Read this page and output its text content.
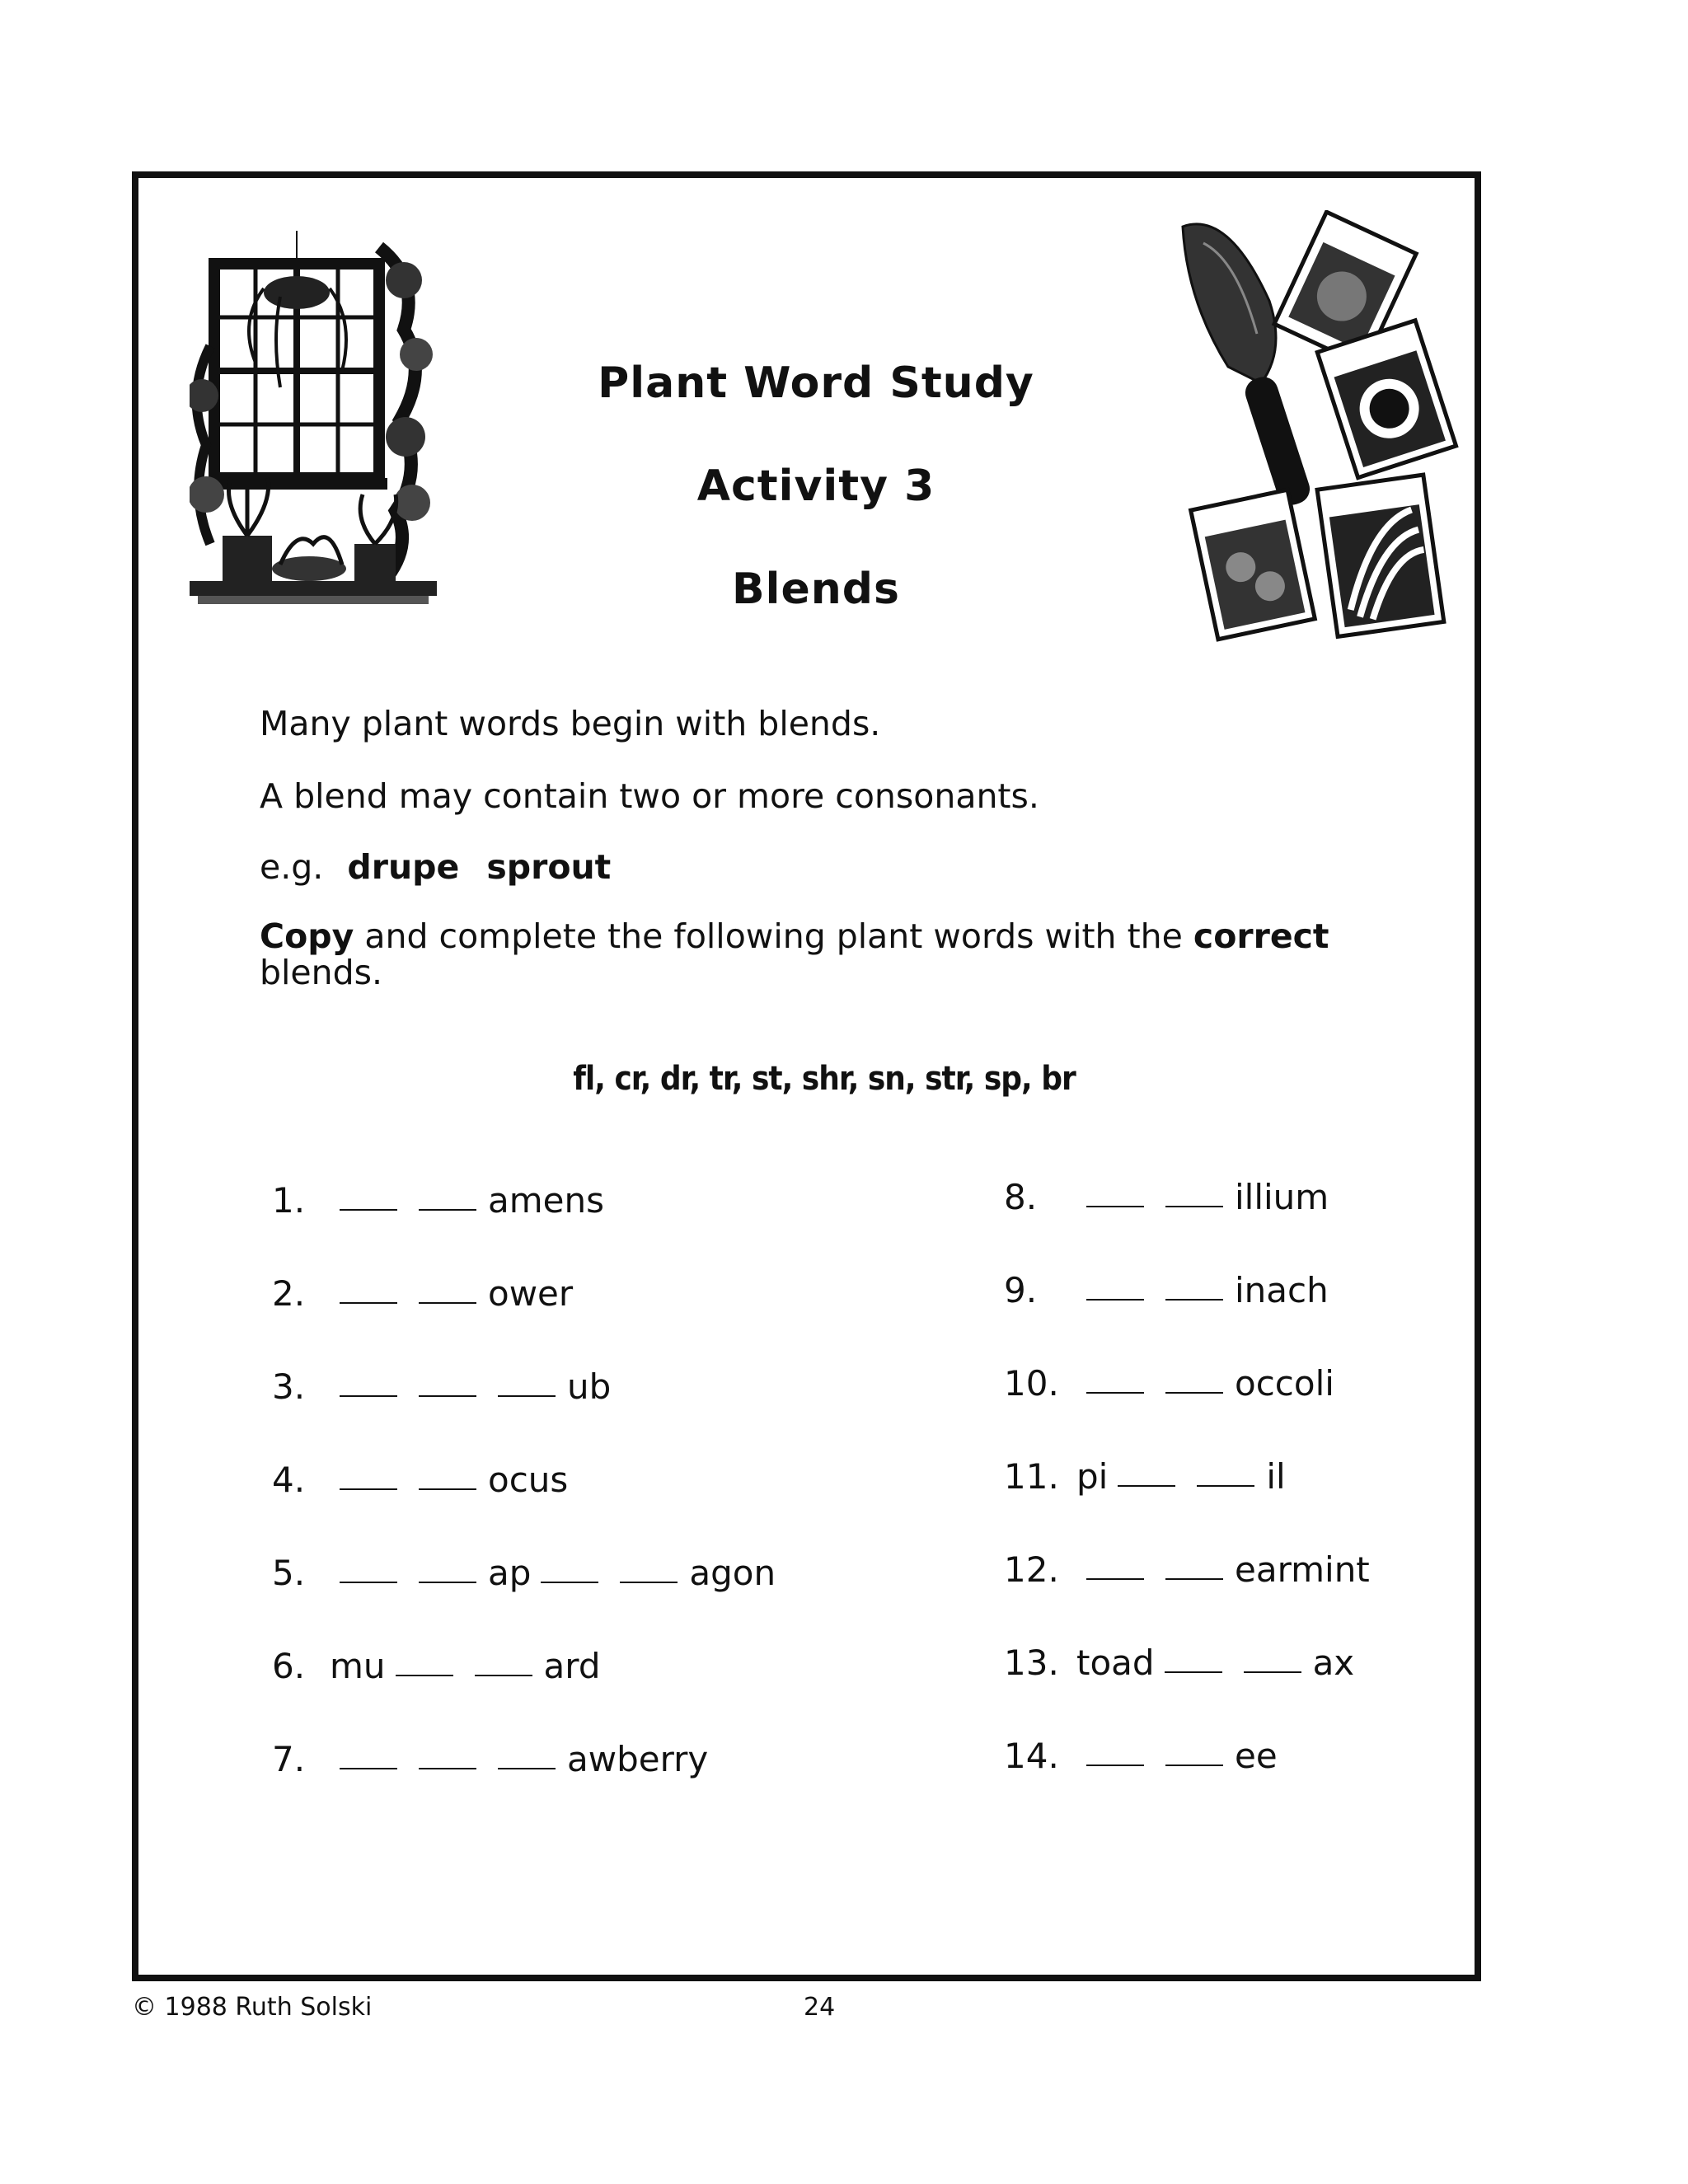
Plant Word Study
Activity 3
Blends
Many plant words begin with blends.
A blend may contain two or more consonants.
e.g. drupe sprout
Copy and complete the following plant words with the correct
blends.
fl, cr, dr, tr, st, shr, sn, str, sp, br
1.	amens
2.	ower
3.	ub
4.	ocus
5.	ap	agon
6. mu	ard
7.	awberry
8.	illium
9.	inach
10.	occoli
11. pi	il
12.	earmint
13. toad	ax
14.	ee
© 1988 Ruth Solski	24
